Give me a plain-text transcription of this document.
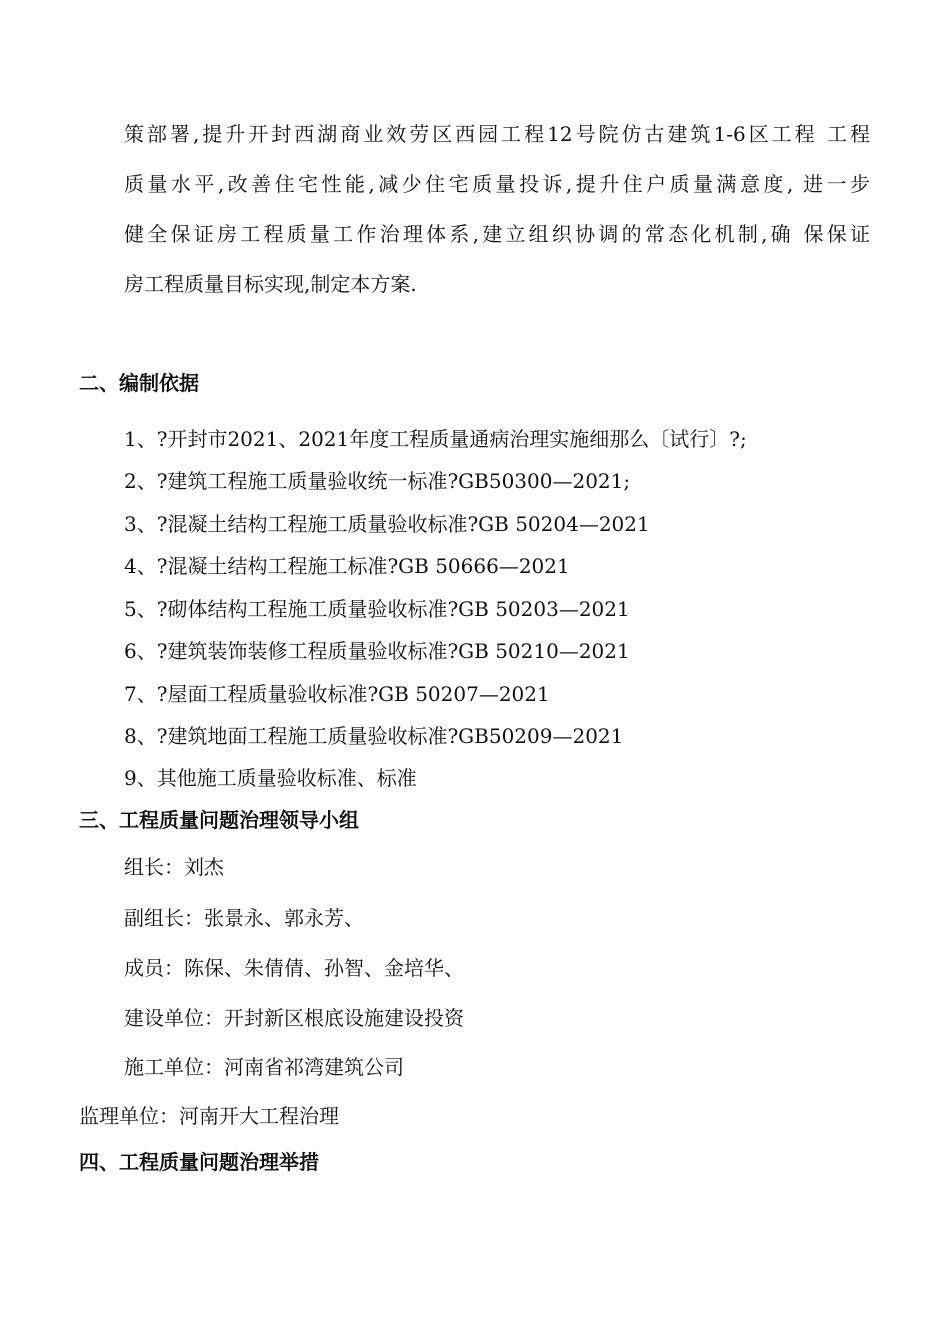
策部署,提升开封西湖商业效劳区西园工程12号院仿古建筑1-6区工程 工程
质量水平,改善住宅性能,减少住宅质量投诉,提升住户质量满意度, 进一步
健全保证房工程质量工作治理体系,建立组织协调的常态化机制,确 保保证
房工程质量目标实现,制定本方案.
二、编制依据
1、?开封市2021、2021年度工程质量通病治理实施细那么〔试行〕?;
2、?建筑工程施工质量验收统一标准?GB50300—2021;
3、?混凝土结构工程施工质量验收标准?GB 50204—2021
4、?混凝土结构工程施工标准?GB 50666—2021
5、?砌体结构工程施工质量验收标准?GB 50203—2021
6、?建筑装饰装修工程质量验收标准?GB 50210—2021
7、?屋面工程质量验收标准?GB 50207—2021
8、?建筑地面工程施工质量验收标准?GB50209—2021
9、其他施工质量验收标准、标准
三、工程质量问题治理领导小组
组长：刘杰
副组长：张景永、郭永芳、
成员：陈保、朱倩倩、孙智、金培华、
建设单位：开封新区根底设施建设投资
施工单位：河南省祁湾建筑公司
监理单位：河南开大工程治理
四、工程质量问题治理举措
